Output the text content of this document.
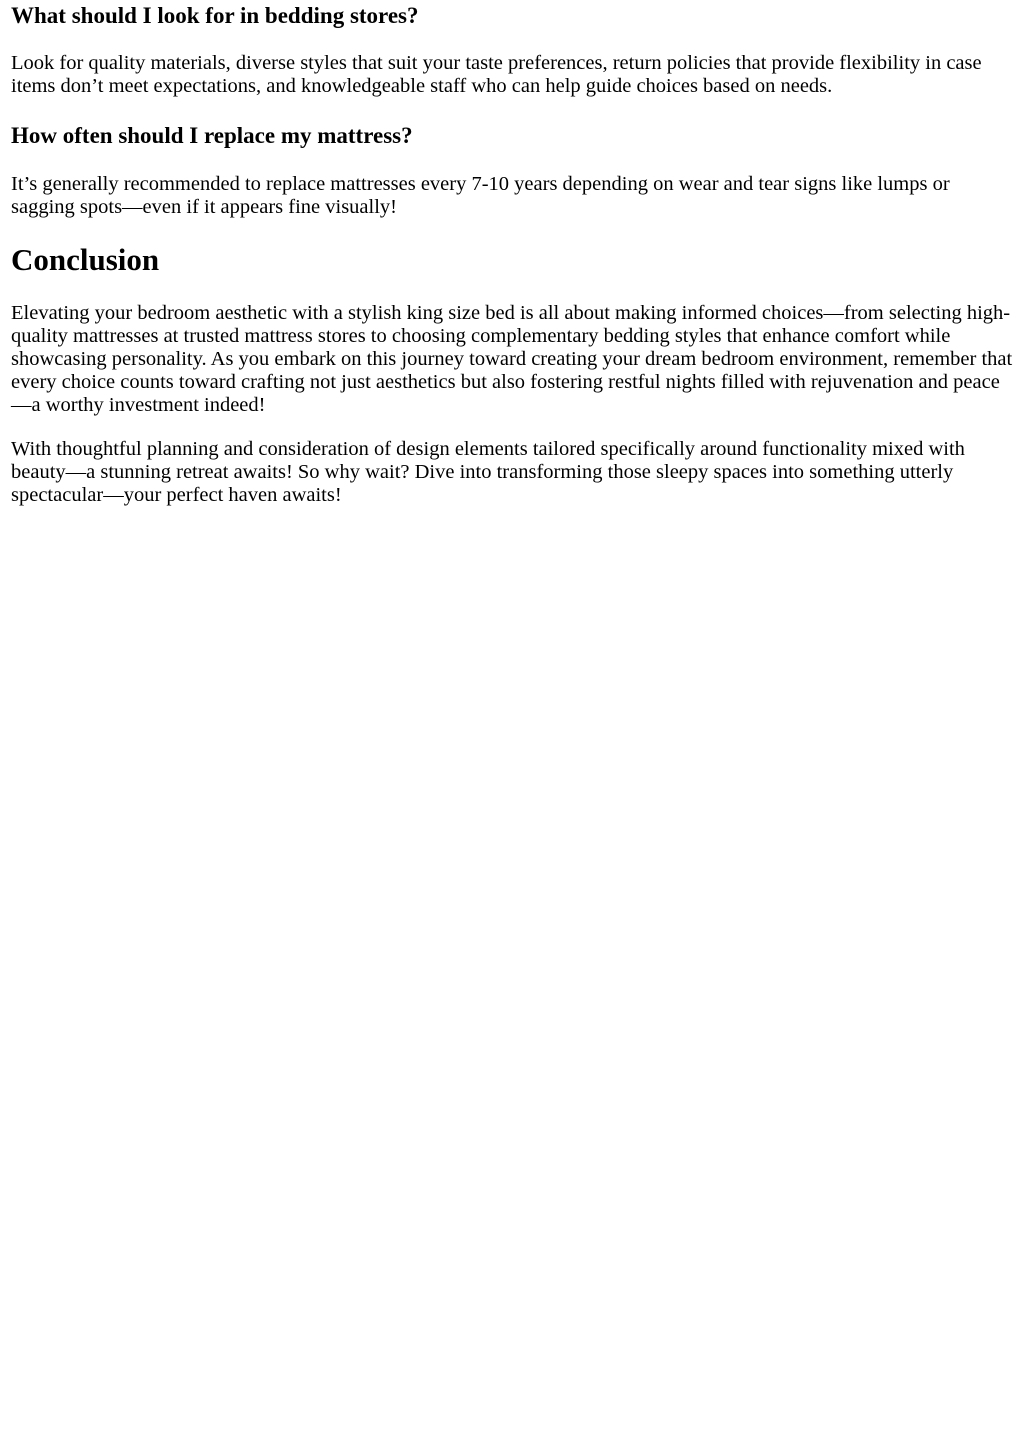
What should I look for in bedding stores?

Look for quality materials, diverse styles that suit your taste preferences, return policies that provide flexibility in case items don’t meet expectations, and knowledgeable staff who can help guide choices based on needs.

How often should I replace my mattress?

It’s generally recommended to replace mattresses every 7-10 years depending on wear and tear signs like lumps or sagging spots—even if it appears fine visually!

Conclusion

Elevating your bedroom aesthetic with a stylish king size bed is all about making informed choices—from selecting high-quality mattresses at trusted mattress stores to choosing complementary bedding styles that enhance comfort while showcasing personality. As you embark on this journey toward creating your dream bedroom environment, remember that every choice counts toward crafting not just aesthetics but also fostering restful nights filled with rejuvenation and peace—a worthy investment indeed!

With thoughtful planning and consideration of design elements tailored specifically around functionality mixed with beauty—a stunning retreat awaits! So why wait? Dive into transforming those sleepy spaces into something utterly spectacular—your perfect haven awaits!
